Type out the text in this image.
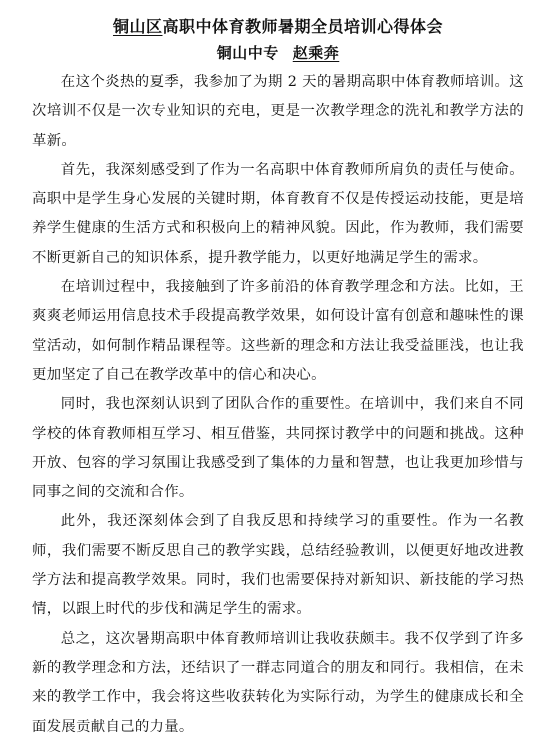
铜山区高职中体育教师暑期全员培训心得体会
铜山中专 赵乘奔

在这个炎热的夏季，我参加了为期 2 天的暑期高职中体育教师培训。这次培训不仅是一次专业知识的充电，更是一次教学理念的洗礼和教学方法的革新。

首先，我深刻感受到了作为一名高职中体育教师所肩负的责任与使命。高职中是学生身心发展的关键时期，体育教育不仅是传授运动技能，更是培养学生健康的生活方式和积极向上的精神风貌。因此，作为教师，我们需要不断更新自己的知识体系，提升教学能力，以更好地满足学生的需求。

在培训过程中，我接触到了许多前沿的体育教学理念和方法。比如，王爽爽老师运用信息技术手段提高教学效果，如何设计富有创意和趣味性的课堂活动，如何制作精品课程等。这些新的理念和方法让我受益匪浅，也让我更加坚定了自己在教学改革中的信心和决心。

同时，我也深刻认识到了团队合作的重要性。在培训中，我们来自不同学校的体育教师相互学习、相互借鉴，共同探讨教学中的问题和挑战。这种开放、包容的学习氛围让我感受到了集体的力量和智慧，也让我更加珍惜与同事之间的交流和合作。

此外，我还深刻体会到了自我反思和持续学习的重要性。作为一名教师，我们需要不断反思自己的教学实践，总结经验教训，以便更好地改进教学方法和提高教学效果。同时，我们也需要保持对新知识、新技能的学习热情，以跟上时代的步伐和满足学生的需求。

总之，这次暑期高职中体育教师培训让我收获颇丰。我不仅学到了许多新的教学理念和方法，还结识了一群志同道合的朋友和同行。我相信，在未来的教学工作中，我会将这些收获转化为实际行动，为学生的健康成长和全面发展贡献自己的力量。
